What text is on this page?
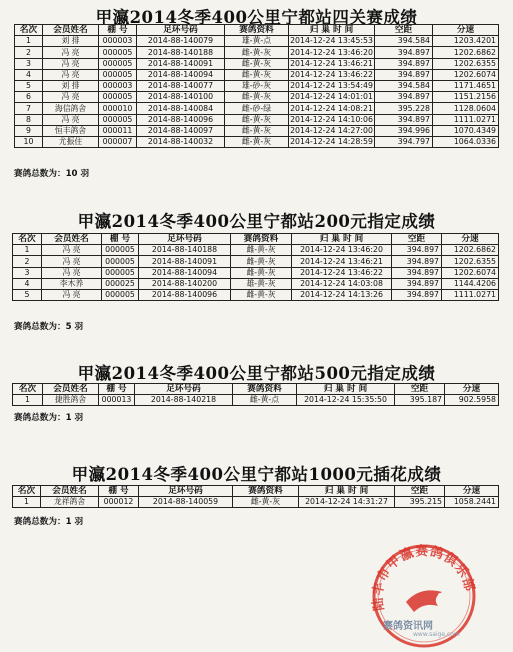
甲瀛2014冬季400公里宁都站四关赛成绩
名次	会员姓名	棚 号	足环号码	赛鸽资料	归 巢 时 间	空距	分速
1	刘 排	000003	2014-88-140079	雄-黄-点	2014-12-24 13:45:53	394.584	1203.4201
2	冯 亮	000005	2014-88-140188	雌-黄-灰	2014-12-24 13:46:20	394.897	1202.6862
3	冯 亮	000005	2014-88-140091	雌-黄-灰	2014-12-24 13:46:21	394.897	1202.6355
4	冯 亮	000005	2014-88-140094	雌-黄-灰	2014-12-24 13:46:22	394.897	1202.6074
5	刘 排	000003	2014-88-140077	雄-砂-灰	2014-12-24 13:54:49	394.584	1171.4651
6	冯 亮	000005	2014-88-140100	雌-黄-灰	2014-12-24 14:01:01	394.897	1151.2156
7	海信鸽舍	000010	2014-88-140084	雌-砂-绿	2014-12-24 14:08:21	395.228	1128.0604
8	冯 亮	000005	2014-88-140096	雌-黄-灰	2014-12-24 14:10:06	394.897	1111.0271
9	恒丰鸽舍	000011	2014-88-140097	雌-黄-灰	2014-12-24 14:27:00	394.996	1070.4349
10	尤振住	000007	2014-88-140032	雌-黄-灰	2014-12-24 14:28:59	394.797	1064.0336
赛鸽总数为：10 羽
甲瀛2014冬季400公里宁都站200元指定成绩
名次	会员姓名	棚 号	足环号码	赛鸽资料	归 巢 时 间	空距	分速
1	冯 亮	000005	2014-88-140188	雌-黄-灰	2014-12-24 13:46:20	394.897	1202.6862
2	冯 亮	000005	2014-88-140091	雌-黄-灰	2014-12-24 13:46:21	394.897	1202.6355
3	冯 亮	000005	2014-88-140094	雌-黄-灰	2014-12-24 13:46:22	394.897	1202.6074
4	李木养	000025	2014-88-140200	雄-黄-灰	2014-12-24 14:03:08	394.897	1144.4206
5	冯 亮	000005	2014-88-140096	雌-黄-灰	2014-12-24 14:13:26	394.897	1111.0271
赛鸽总数为：5 羽
甲瀛2014冬季400公里宁都站500元指定成绩
名次	会员姓名	棚 号	足环号码	赛鸽资料	归 巢 时 间	空距	分速
1	捷胜鸽舍	000013	2014-88-140218	雌-黄-点	2014-12-24 15:35:50	395.187	902.5958
赛鸽总数为：1 羽
甲瀛2014冬季400公里宁都站1000元插花成绩
名次	会员姓名	棚 号	足环号码	赛鸽资料	归 巢 时 间	空距	分速
1	龙祥鸽舍	000012	2014-88-140059	雌-黄-灰	2014-12-24 14:31:27	395.215	1058.2441
赛鸽总数为：1 羽
陆丰市甲瀛赛鸽俱乐部
赛鸽资讯网
www.saige.com
